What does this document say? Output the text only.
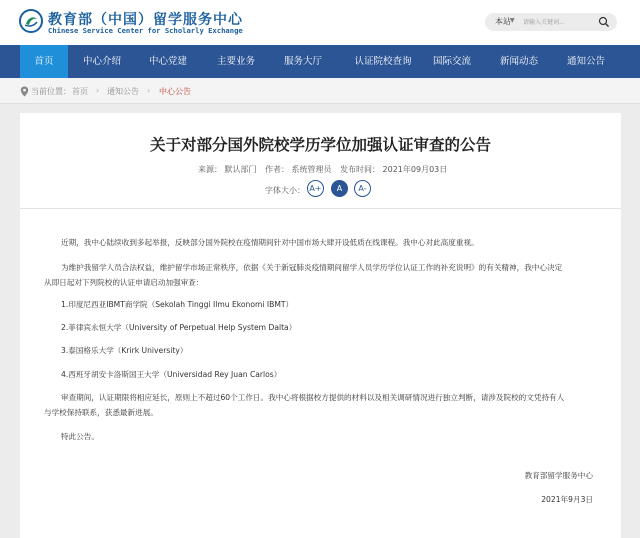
教育部（中国）留学服务中心
Chinese Service Center for Scholarly Exchange
本站 ▼
请输入关键词...
首页	中心介绍	中心党建	主要业务	服务大厅	认证院校查询	国际交流	新闻动态	通知公告
当前位置： 首页 › 通知公告 › 中心公告
关于对部分国外院校学历学位加强认证审查的公告
来源： 默认部门 作者： 系统管理员 发布时间： 2021年09月03日
字体大小： A+	A	A-
近期，我中心陆续收到多起举报，反映部分国外院校在疫情期间针对中国市场大肆开设低质在线课程。我中心对此高度重视。
为维护我留学人员合法权益，维护留学市场正常秩序，依据《关于新冠肺炎疫情期间留学人员学历学位认证工作的补充说明》的有关精神，我中心决定
从即日起对下列院校的认证申请启动加强审查：
1.印度尼西亚IBMT商学院（Sekolah Tinggi Ilmu Ekonomi IBMT）
2.菲律宾永恒大学（University of Perpetual Help System Dalta）
3.泰国格乐大学（Krirk University）
4.西班牙胡安卡洛斯国王大学（Universidad Rey Juan Carlos）
审查期间，认证期限将相应延长，原则上不超过60个工作日。我中心将根据校方提供的材料以及相关调研情况进行独立判断，请涉及院校的文凭持有人
与学校保持联系，获悉最新进展。
特此公告。
教育部留学服务中心
2021年9月3日
